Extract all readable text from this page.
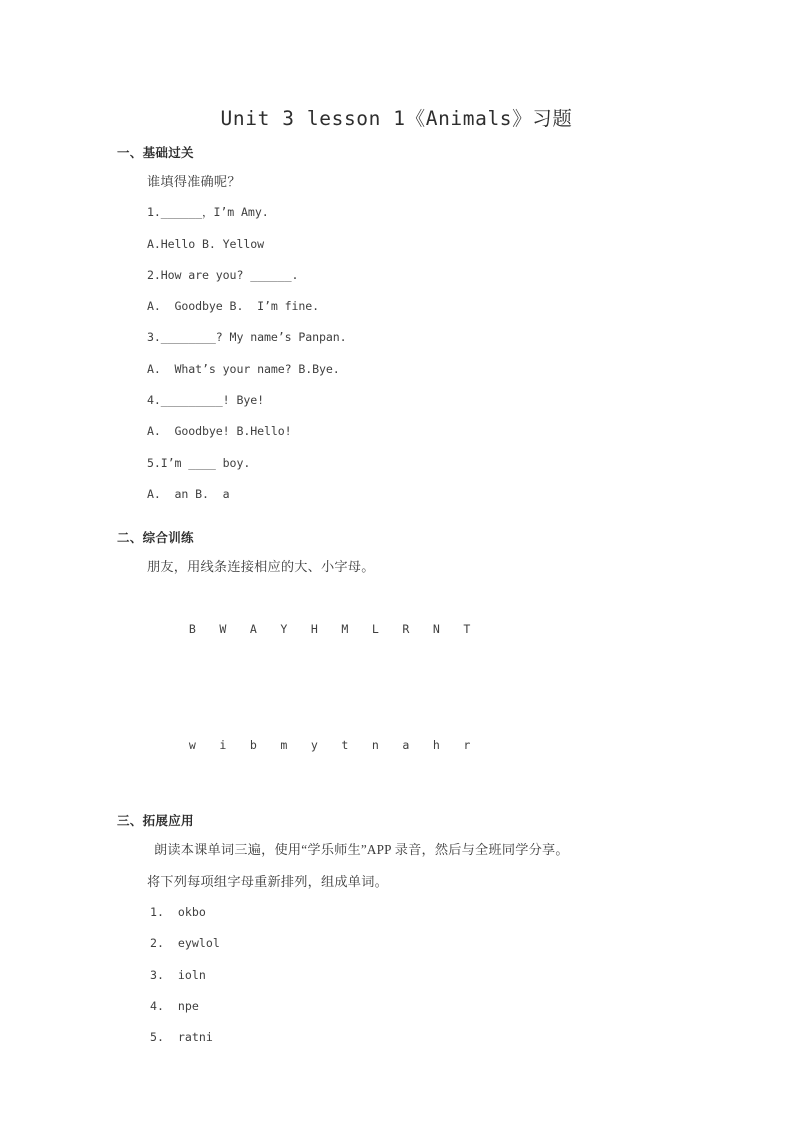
Unit 3 lesson 1《Animals》习题
一、基础过关
谁填得准确呢？
1.______，I’m Amy.
A.Hello B. Yellow
2.How are you? ______.
A.  Goodbye B.  I’m fine.
3.________? My name’s Panpan.
A.  What’s your name? B.Bye.
4._________! Bye!
A.  Goodbye! B.Hello!
5.I’m ____ boy.
A.  an B.  a
二、综合训练
朋友，用线条连接相应的大、小字母。

B W A Y H M L R N T

w i b m y t n a h r

三、拓展应用
朗读本课单词三遍，使用“学乐师生”APP 录音，然后与全班同学分享。
将下列每项组字母重新排列，组成单词。
1.  okbo
2.  eywlol
3.  ioln
4.  npe
5.  ratni
